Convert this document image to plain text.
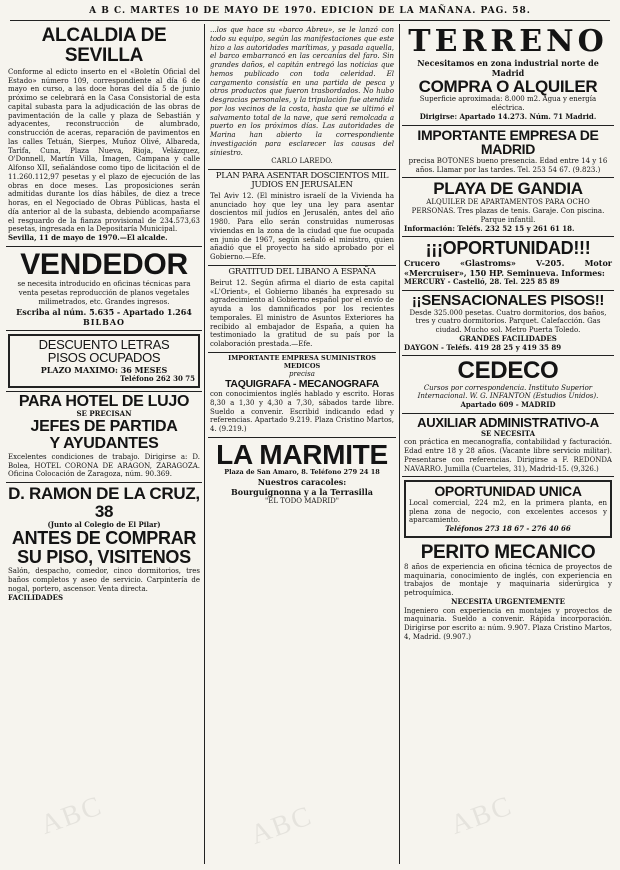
A B C. MARTES 10 DE MAYO DE 1970. EDICION DE LA MAÑANA. PAG. 58.
ALCALDIA DE SEVILLA
Conforme al edicto inserto en el «Boletín Oficial del Estado» número 109, correspondiente al día 6 de mayo en curso, a las doce horas del día 5 de junio próximo se celebrará en la Casa Consistorial de esta capital subasta para la adjudicación de las obras de pavimentación de la calle y plaza de Sebastián y adyacentes, reconstrucción de alumbrado, construcción de aceras, reparación de pavimentos en las calles Tetuán, Sierpes, Muñoz Olivé, Albareda, Tarifa, Cuna, Plaza Nueva, Rioja, Velázquez, O'Donnell, Martín Villa, Imagen, Campana y calle Alfonso XII, señalándose como tipo de licitación el de 11.260.112,97 pesetas y el plazo de ejecución de las obras en doce meses. Las proposiciones serán admitidas durante los días hábiles, de diez a trece horas, en el Negociado de Obras Públicas, hasta el día anterior al de la subasta, debiendo acompañarse el resguardo de la fianza provisional de 234.573,63 pesetas, ingresada en la Depositaría Municipal.
Sevilla, 11 de mayo de 1970.—El alcalde.
VENDEDOR
se necesita introducido en oficinas técnicas para venta pesetas reproducción de planos vegetales milimetrados, etc. Grandes ingresos.
Escriba al núm. 5.635 - Apartado 1.264
BILBAO
DESCUENTO LETRAS
PISOS OCUPADOS
PLAZO MAXIMO: 36 MESES
Teléfono 262 30 75
PARA HOTEL DE LUJO
SE PRECISAN
JEFES DE PARTIDA
Y AYUDANTES
Excelentes condiciones de trabajo. Dirigirse a: D. Bolea, HOTEL CORONA DE ARAGON, ZARAGOZA. Oficina Colocación de Zaragoza, núm. 90.369.
D. RAMON DE LA CRUZ, 38
(Junto al Colegio de El Pilar)
ANTES DE COMPRAR
SU PISO, VISITENOS
Salón, despacho, comedor, cinco dormitorios, tres baños completos y aseo de servicio. Carpintería de nogal, portero, ascensor. Venta directa.
FACILIDADES
...los que hace su «barco Abreu», se le lanzó con todo su equipo, según las manifestaciones que este hizo a las autoridades marítimas, y pasada aquella, el barco embarrancó en las cercanías del faro. Sin grandes daños, el capitán entregó las noticias que hemos publicado con toda celeridad. El cargamento consistía en una partida de pesca y otros productos que fueron trasbordados. No hubo desgracias personales, y la tripulación fue atendida por los vecinos de la costa, hasta que se ultimó el salvamento total de la nave, que será remolcada a puerto en los próximos días. Las autoridades de Marina han abierto la correspondiente investigación para esclarecer las causas del siniestro.
CARLO LAREDO.
PLAN PARA ASENTAR DOSCIENTOS MIL JUDIOS EN JERUSALEN
Tel Aviv 12. (El ministro israelí de la Vivienda ha anunciado hoy que ley una ley para asentar doscientos mil judíos en Jerusalén, antes del año 1980. Para ello serán construidas numerosas viviendas en la zona de la ciudad que fue ocupada en junio de 1967, según señaló el ministro, quien añadió que el proyecto ha sido aprobado por el Gobierno.—Efe.
GRATITUD DEL LIBANO A ESPAÑA
Beirut 12. Según afirma el diario de esta capital «L'Orient», el Gobierno libanés ha expresado su agradecimiento al Gobierno español por el envío de ayuda a los damnificados por los recientes temporales. El ministro de Asuntos Exteriores ha recibido al embajador de España, a quien ha testimoniado la gratitud de su país por la colaboración prestada.—Efe.
IMPORTANTE EMPRESA SUMINISTROS MEDICOS
precisa
TAQUIGRAFA - MECANOGRAFA
con conocimientos inglés hablado y escrito. Horas 8,30 a 1,30 y 4,30 a 7,30, sábados tarde libre. Sueldo a convenir. Escribid indicando edad y referencias. Apartado 9.219. Plaza Cristino Martos, 4. (9.219.)
LA MARMITE
Plaza de San Amaro, 8. Teléfono 279 24 18
Nuestros caracoles:
Bourguignonna y a la Terrasilla
"EL TODO MADRID"
TERRENO
Necesitamos en zona industrial norte de Madrid
COMPRA O ALQUILER
Superficie aproximada: 8.000 m2. Agua y energía eléctrica.
Dirigirse: Apartado 14.273. Núm. 71 Madrid.
IMPORTANTE EMPRESA DE MADRID
precisa BOTONES bueno presencia. Edad entre 14 y 16 años. Llamar por las tardes. Tel. 253 54 67. (9.823.)
PLAYA DE GANDIA
ALQUILER DE APARTAMENTOS PARA OCHO PERSONAS. Tres plazas de tenis. Garaje. Con piscina. Parque infantil.
Información: Teléfs. 232 52 15 y 261 61 18.
¡¡¡OPORTUNIDAD!!!
Crucero «Glastroms» V-205. Motor «Mercruiser», 150 HP. Seminueva. Informes:
MERCURY - Castelló, 28. Tel. 225 85 89
¡¡SENSACIONALES PISOS!!
Desde 325.000 pesetas. Cuatro dormitorios, dos baños, tres y cuatro dormitorios. Parquet. Calefacción. Gas ciudad. Mucho sol. Metro Puerta Toledo.
GRANDES FACILIDADES
DAYGON - Teléfs. 419 28 25 y 419 35 89
CEDECO
Cursos por correspondencia. Instituto Superior Internacional. W. G. INFANTON (Estudios Unidos).
Apartado 609 - MADRID
AUXILIAR ADMINISTRATIVO-A
SE NECESITA
con práctica en mecanografía, contabilidad y facturación. Edad entre 18 y 28 años. (Vacante libre servicio militar). Presentarse con referencias. Dirigirse a F. REDONDA NAVARRO. Jumilla (Cuarteles, 31), Madrid-15. (9,326.)
OPORTUNIDAD UNICA
Local comercial, 224 m2, en la primera planta, en plena zona de negocio, con excelentes accesos y aparcamiento.
Teléfonos 273 18 67 - 276 40 66
PERITO MECANICO
8 años de experiencia en oficina técnica de proyectos de maquinaria, conocimiento de inglés, con experiencia en trabajos de montaje y maquinaria siderúrgica y petroquímica.
NECESITA URGENTEMENTE
Ingeniero con experiencia en montajes y proyectos de maquinaria. Sueldo a convenir. Rápida incorporación. Dirigirse por escrito a: núm. 9.907. Plaza Cristino Martos, 4, Madrid. (9.907.)
ABC	ABC	ABC
